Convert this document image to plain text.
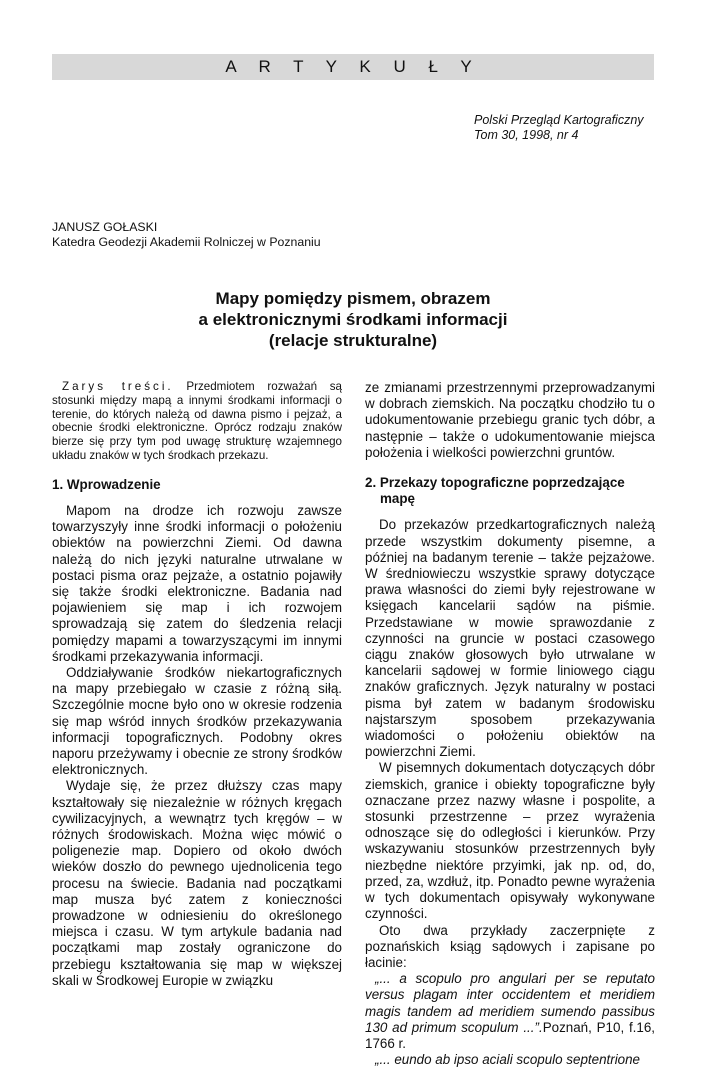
A R T Y K U Ł Y
Polski Przegląd Kartograficzny
Tom 30, 1998, nr 4
JANUSZ GOŁASKI
Katedra Geodezji Akademii Rolniczej w Poznaniu
Mapy pomiędzy pismem, obrazem
a elektronicznymi środkami informacji
(relacje strukturalne)

Zarys treści. Przedmiotem rozważań są stosunki między mapą a innymi środkami informacji o terenie, do których należą od dawna pismo i pejzaż, a obecnie środki elektroniczne. Oprócz rodzaju znaków bierze się przy tym pod uwagę strukturę wzajemnego układu znaków w tych środkach przekazu.

1. Wprowadzenie

Mapom na drodze ich rozwoju zawsze towarzyszyły inne środki informacji o położeniu obiektów na powierzchni Ziemi. Od dawna należą do nich języki naturalne utrwalane w postaci pisma oraz pejzaże, a ostatnio pojawiły się także środki elektroniczne. Badania nad pojawieniem się map i ich rozwojem sprowadzają się zatem do śledzenia relacji pomiędzy mapami a towarzyszącymi im innymi środkami przekazywania informacji.

Oddziaływanie środków niekartograficznych na mapy przebiegało w czasie z różną siłą. Szczególnie mocne było ono w okresie rodzenia się map wśród innych środków przekazywania informacji topograficznych. Podobny okres naporu przeżywamy i obecnie ze strony środków elektronicznych.

Wydaje się, że przez dłuższy czas mapy kształtowały się niezależnie w różnych kręgach cywilizacyjnych, a wewnątrz tych kręgów – w różnych środowiskach. Można więc mówić o poligenezie map. Dopiero od około dwóch wieków doszło do pewnego ujednolicenia tego procesu na świecie. Badania nad początkami map musza być zatem z konieczności prowadzone w odniesieniu do określonego miejsca i czasu. W tym artykule badania nad początkami map zostały ograniczone do przebiegu kształtowania się map w większej skali w Środkowej Europie w związku

ze zmianami przestrzennymi przeprowadzanymi w dobrach ziemskich. Na początku chodziło tu o udokumentowanie przebiegu granic tych dóbr, a następnie – także o udokumentowanie miejsca położenia i wielkości powierzchni gruntów.

2. Przekazy topograficzne poprzedzające mapę

Do przekazów przedkartograficznych należą przede wszystkim dokumenty pisemne, a później na badanym terenie – także pejzażowe. W średniowieczu wszystkie sprawy dotyczące prawa własności do ziemi były rejestrowane w księgach kancelarii sądów na piśmie. Przedstawiane w mowie sprawozdanie z czynności na gruncie w postaci czasowego ciągu znaków głosowych było utrwalane w kancelarii sądowej w formie liniowego ciągu znaków graficznych. Język naturalny w postaci pisma był zatem w badanym środowisku najstarszym sposobem przekazywania wiadomości o położeniu obiektów na powierzchni Ziemi.

W pisemnych dokumentach dotyczących dóbr ziemskich, granice i obiekty topograficzne były oznaczane przez nazwy własne i pospolite, a stosunki przestrzenne – przez wyrażenia odnoszące się do odległości i kierunków. Przy wskazywaniu stosunków przestrzennych były niezbędne niektóre przyimki, jak np. od, do, przed, za, wzdłuż, itp. Ponadto pewne wyrażenia w tych dokumentach opisywały wykonywane czynności.

Oto dwa przykłady zaczerpnięte z poznańskich ksiąg sądowych i zapisane po łacinie:

„... a scopulo pro angulari per se reputato versus plagam inter occidentem et meridiem magis tandem ad meridiem sumendo passibus 130 ad primum scopulum ...”.Poznań, P10, f.16, 1766 r.

„... eundo ab ipso aciali scopulo septentrione
